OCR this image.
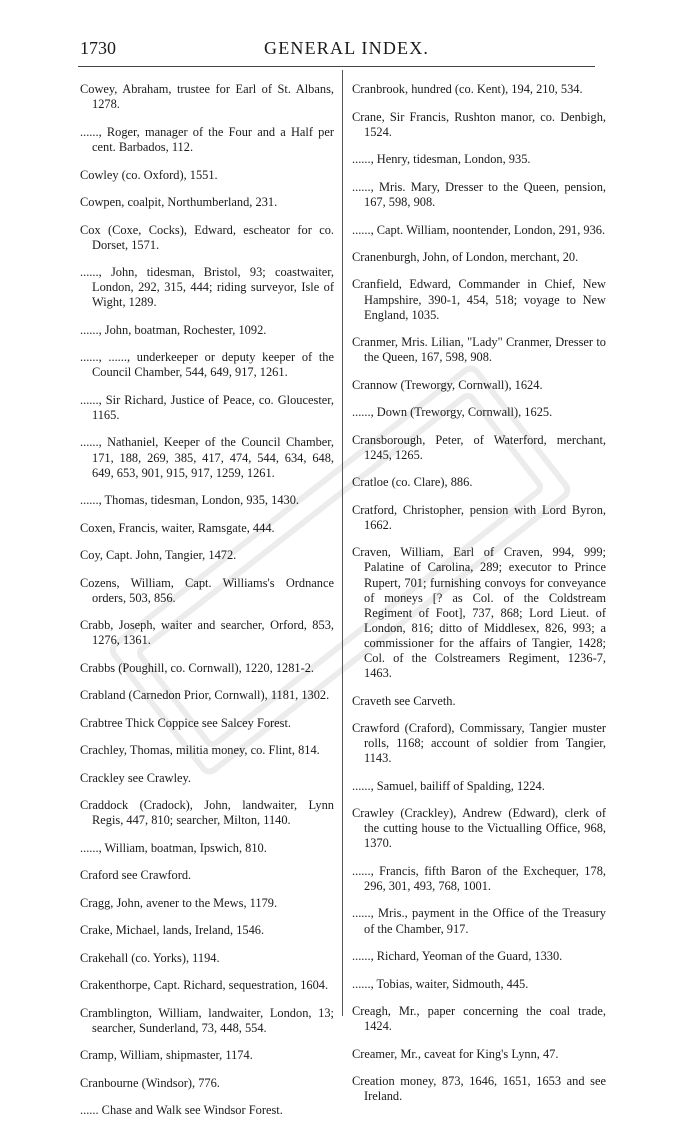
1730	GENERAL INDEX.

Cowey, Abraham, trustee for Earl of St. Albans, 1278.

......, Roger, manager of the Four and a Half per cent. Barbados, 112.

Cowley (co. Oxford), 1551.

Cowpen, coalpit, Northumberland, 231.

Cox (Coxe, Cocks), Edward, escheator for co. Dorset, 1571.

......, John, tidesman, Bristol, 93; coastwaiter, London, 292, 315, 444; riding surveyor, Isle of Wight, 1289.

......, John, boatman, Rochester, 1092.

......, ......, underkeeper or deputy keeper of the Council Chamber, 544, 649, 917, 1261.

......, Sir Richard, Justice of Peace, co. Gloucester, 1165.

......, Nathaniel, Keeper of the Council Chamber, 171, 188, 269, 385, 417, 474, 544, 634, 648, 649, 653, 901, 915, 917, 1259, 1261.

......, Thomas, tidesman, London, 935, 1430.

Coxen, Francis, waiter, Ramsgate, 444.

Coy, Capt. John, Tangier, 1472.

Cozens, William, Capt. Williams's Ordnance orders, 503, 856.

Crabb, Joseph, waiter and searcher, Orford, 853, 1276, 1361.

Crabbs (Poughill, co. Cornwall), 1220, 1281-2.

Crabland (Carnedon Prior, Cornwall), 1181, 1302.

Crabtree Thick Coppice see Salcey Forest.

Crachley, Thomas, militia money, co. Flint, 814.

Crackley see Crawley.

Craddock (Cradock), John, landwaiter, Lynn Regis, 447, 810; searcher, Milton, 1140.

......, William, boatman, Ipswich, 810.

Craford see Crawford.

Cragg, John, avener to the Mews, 1179.

Crake, Michael, lands, Ireland, 1546.

Crakehall (co. Yorks), 1194.

Crakenthorpe, Capt. Richard, sequestration, 1604.

Cramblington, William, landwaiter, London, 13; searcher, Sunderland, 73, 448, 554.

Cramp, William, shipmaster, 1174.

Cranbourne (Windsor), 776.

...... Chase and Walk see Windsor Forest.

Cranbrook, hundred (co. Kent), 194, 210, 534.

Crane, Sir Francis, Rushton manor, co. Denbigh, 1524.

......, Henry, tidesman, London, 935.

......, Mris. Mary, Dresser to the Queen, pension, 167, 598, 908.

......, Capt. William, noontender, London, 291, 936.

Cranenburgh, John, of London, merchant, 20.

Cranfield, Edward, Commander in Chief, New Hampshire, 390-1, 454, 518; voyage to New England, 1035.

Cranmer, Mris. Lilian, "Lady" Cranmer, Dresser to the Queen, 167, 598, 908.

Crannow (Treworgy, Cornwall), 1624.

......, Down (Treworgy, Cornwall), 1625.

Cransborough, Peter, of Waterford, merchant, 1245, 1265.

Cratloe (co. Clare), 886.

Cratford, Christopher, pension with Lord Byron, 1662.

Craven, William, Earl of Craven, 994, 999; Palatine of Carolina, 289; executor to Prince Rupert, 701; furnishing convoys for conveyance of moneys [? as Col. of the Coldstream Regiment of Foot], 737, 868; Lord Lieut. of London, 816; ditto of Middlesex, 826, 993; a commissioner for the affairs of Tangier, 1428; Col. of the Colstreamers Regiment, 1236-7, 1463.

Craveth see Carveth.

Crawford (Craford), Commissary, Tangier muster rolls, 1168; account of soldier from Tangier, 1143.

......, Samuel, bailiff of Spalding, 1224.

Crawley (Crackley), Andrew (Edward), clerk of the cutting house to the Victualling Office, 968, 1370.

......, Francis, fifth Baron of the Exchequer, 178, 296, 301, 493, 768, 1001.

......, Mris., payment in the Office of the Treasury of the Chamber, 917.

......, Richard, Yeoman of the Guard, 1330.

......, Tobias, waiter, Sidmouth, 445.

Creagh, Mr., paper concerning the coal trade, 1424.

Creamer, Mr., caveat for King's Lynn, 47.

Creation money, 873, 1646, 1651, 1653 and see Ireland.
